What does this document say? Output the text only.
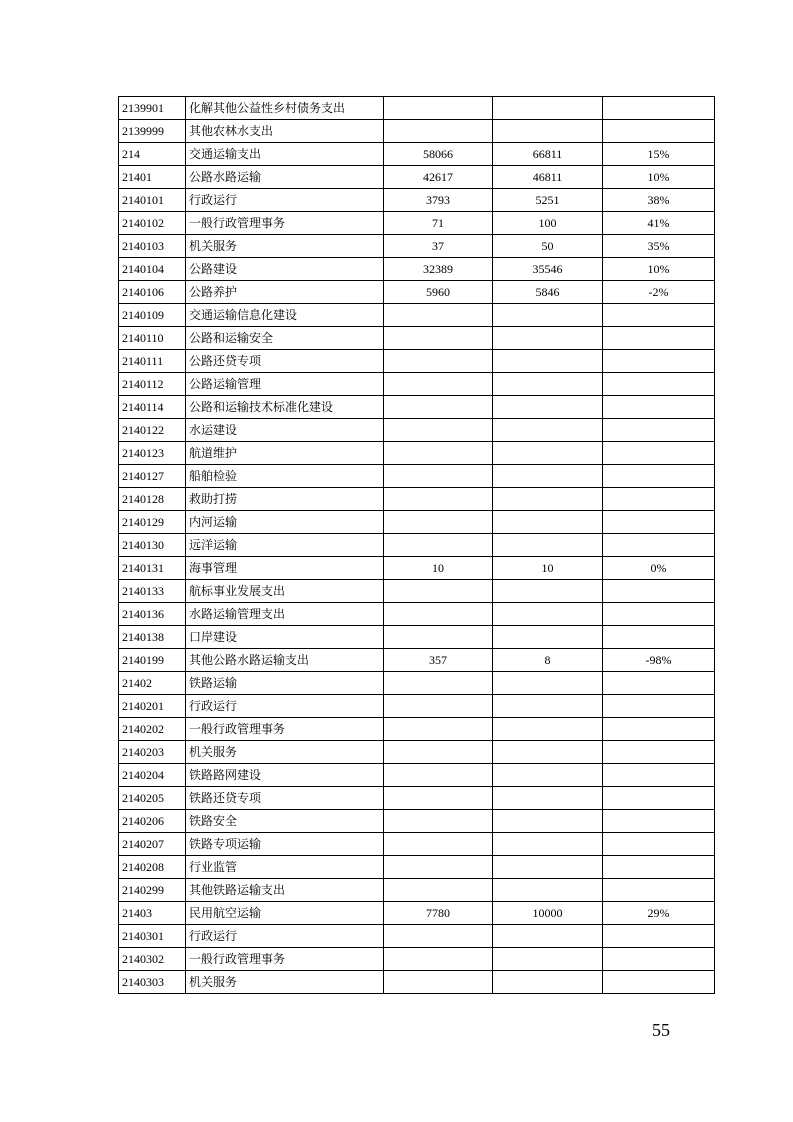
2139901	化解其他公益性乡村债务支出			
2139999	其他农林水支出			
214	交通运输支出	58066	66811	15%
21401	公路水路运输	42617	46811	10%
2140101	行政运行	3793	5251	38%
2140102	一般行政管理事务	71	100	41%
2140103	机关服务	37	50	35%
2140104	公路建设	32389	35546	10%
2140106	公路养护	5960	5846	-2%
2140109	交通运输信息化建设			
2140110	公路和运输安全			
2140111	公路还贷专项			
2140112	公路运输管理			
2140114	公路和运输技术标准化建设			
2140122	水运建设			
2140123	航道维护			
2140127	船舶检验			
2140128	救助打捞			
2140129	内河运输			
2140130	远洋运输			
2140131	海事管理	10	10	0%
2140133	航标事业发展支出			
2140136	水路运输管理支出			
2140138	口岸建设			
2140199	其他公路水路运输支出	357	8	-98%
21402	铁路运输			
2140201	行政运行			
2140202	一般行政管理事务			
2140203	机关服务			
2140204	铁路路网建设			
2140205	铁路还贷专项			
2140206	铁路安全			
2140207	铁路专项运输			
2140208	行业监管			
2140299	其他铁路运输支出			
21403	民用航空运输	7780	10000	29%
2140301	行政运行			
2140302	一般行政管理事务			
2140303	机关服务			
55
